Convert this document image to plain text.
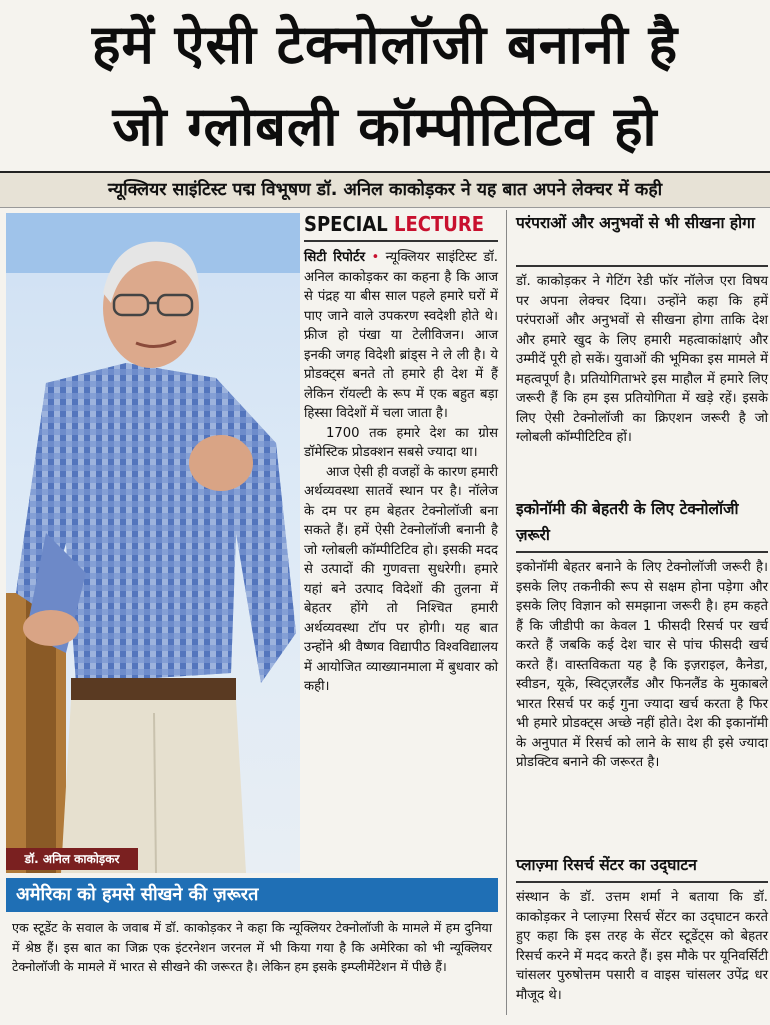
हमें ऐसी टेक्नोलॉजी बनानी है
जो ग्लोबली कॉम्पीटिटिव हो
न्यूक्लियर साइंटिस्ट पद्म विभूषण डॉ. अनिल काकोड़कर ने यह बात अपने लेक्चर में कही
डॉ. अनिल काकोड़कर
SPECIAL LECTURE

सिटी रिपोर्टर • न्यूक्लियर साइंटिस्ट डॉ. अनिल काकोड़कर का कहना है कि आज से पंद्रह या बीस साल पहले हमारे घरों में पाए जाने वाले उपकरण स्वदेशी होते थे। फ्रीज हो पंखा या टेलीविजन। आज इनकी जगह विदेशी ब्रांड्स ने ले ली है। ये प्रोडक्ट्स बनते तो हमारे ही देश में हैं लेकिन रॉयल्टी के रूप में एक बहुत बड़ा हिस्सा विदेशों में चला जाता है।

1700 तक हमारे देश का ग्रोस डॉमेस्टिक प्रोडक्शन सबसे ज्यादा था।

आज ऐसी ही वजहों के कारण हमारी अर्थव्यवस्था सातवें स्थान पर है। नॉलेज के दम पर हम बेहतर टेक्नोलॉजी बना सकते हैं। हमें ऐसी टेक्नोलॉजी बनानी है जो ग्लोबली कॉम्पीटिटिव हो। इसकी मदद से उत्पादों की गुणवत्ता सुधरेगी। हमारे यहां बने उत्पाद विदेशों की तुलना में बेहतर होंगे तो निश्चित हमारी अर्थव्यवस्था टॉप पर होगी। यह बात उन्होंने श्री वैष्णव विद्यापीठ विश्वविद्यालय में आयोजित व्याख्यानमाला में बुधवार को कही।

परंपराओं और अनुभवों से भी सीखना होगा
डॉ. काकोड़कर ने गेटिंग रेडी फॉर नॉलेज एरा विषय पर अपना लेक्चर दिया। उन्होंने कहा कि हमें परंपराओं और अनुभवों से सीखना होगा ताकि देश और हमारे खुद के लिए हमारी महत्वाकांक्षाएं और उम्मीदें पूरी हो सकें। युवाओं की भूमिका इस मामले में महत्वपूर्ण है। प्रतियोगिताभरे इस माहौल में हमारे लिए जरूरी हैं कि हम इस प्रतियोगिता में खड़े रहें। इसके लिए ऐसी टेक्नोलॉजी का क्रिएशन जरूरी है जो ग्लोबली कॉम्पीटिटिव हों।
इकोनॉमी की बेहतरी के लिए टेक्नोलॉजी ज़रूरी
इकोनॉमी बेहतर बनाने के लिए टेक्नोलॉजी जरूरी है। इसके लिए तकनीकी रूप से सक्षम होना पड़ेगा और इसके लिए विज्ञान को समझाना जरूरी है। हम कहते हैं कि जीडीपी का केवल 1 फीसदी रिसर्च पर खर्च करते हैं जबकि कई देश चार से पांच फीसदी खर्च करते हैं। वास्तविकता यह है कि इज़राइल, कैनेडा, स्वीडन, यूके, स्विट्ज़रलैंड और फिनलैंड के मुकाबले भारत रिसर्च पर कई गुना ज्यादा खर्च करता है फिर भी हमारे प्रोडक्ट्स अच्छे नहीं होते। देश की इकानॉमी के अनुपात में रिसर्च को लाने के साथ ही इसे ज्यादा प्रोडक्टिव बनाने की जरूरत है।
प्लाज़्मा रिसर्च सेंटर का उद्‌घाटन
संस्थान के डॉ. उत्तम शर्मा ने बताया कि डॉ. काकोड़कर ने प्लाज़्मा रिसर्च सेंटर का उद्‌घाटन करते हुए कहा कि इस तरह के सेंटर स्टूडेंट्स को बेहतर रिसर्च करने में मदद करते हैं। इस मौके पर यूनिवर्सिटी चांसलर पुरुषोत्तम पसारी व वाइस चांसलर उपेंद्र धर मौजूद थे।
अमेरिका को हमसे सीखने की ज़रूरत
एक स्टूडेंट के सवाल के जवाब में डॉ. काकोड़कर ने कहा कि न्यूक्लियर टेक्नोलॉजी के मामले में हम दुनिया में श्रेष्ठ हैं। इस बात का जिक्र एक इंटरनेशन जरनल में भी किया गया है कि अमेरिका को भी न्यूक्लियर टेक्नोलॉजी के मामले में भारत से सीखने की जरूरत है। लेकिन हम इसके इम्प्लीमेंटेशन में पीछे हैं।
